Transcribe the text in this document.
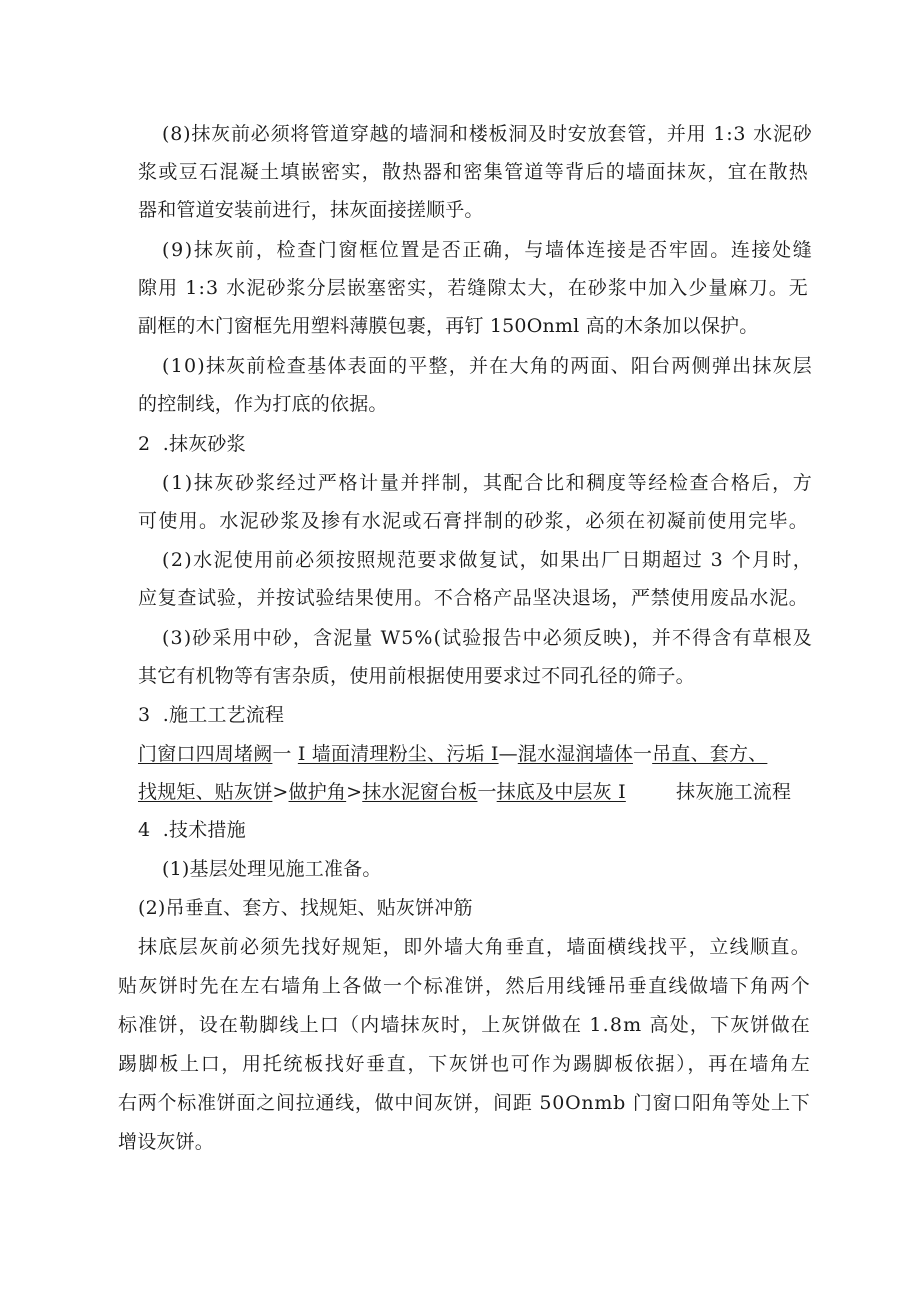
(8)抹灰前必须将管道穿越的墙洞和楼板洞及时安放套管，并用 1:3 水泥砂
浆或豆石混凝土填嵌密实，散热器和密集管道等背后的墙面抹灰，宜在散热
器和管道安装前进行，抹灰面接搓顺乎。
(9)抹灰前，检查门窗框位置是否正确，与墙体连接是否牢固。连接处缝
隙用 1:3 水泥砂浆分层嵌塞密实，若缝隙太大，在砂浆中加入少量麻刀。无
副框的木门窗框先用塑料薄膜包裹，再钉 150Onml 高的木条加以保护。
(10)抹灰前检查基体表面的平整，并在大角的两面、阳台两侧弹出抹灰层
的控制线，作为打底的依据。
2  .抹灰砂浆
(1)抹灰砂浆经过严格计量并拌制，其配合比和稠度等经检查合格后，方
可使用。水泥砂浆及掺有水泥或石膏拌制的砂浆，必须在初凝前使用完毕。
(2)水泥使用前必须按照规范要求做复试，如果出厂日期超过 3 个月时，
应复查试验，并按试验结果使用。不合格产品坚决退场，严禁使用废品水泥。
(3)砂采用中砂，含泥量 W5%(试验报告中必须反映)，并不得含有草根及
其它有机物等有害杂质，使用前根据使用要求过不同孔径的筛子。
3  .施工工艺流程
门窗口四周堵阙一 I 墙面清理粉尘、污垢 I—混水湿润墙体一吊直、套方、
找规矩、贴灰饼>做护角>抹水泥窗台板一抹底及中层灰 I	抹灰施工流程
4  .技术措施
(1)基层处理见施工准备。
(2)吊垂直、套方、找规矩、贴灰饼冲筋
抹底层灰前必须先找好规矩，即外墙大角垂直，墙面横线找平，立线顺直。
贴灰饼时先在左右墙角上各做一个标准饼，然后用线锤吊垂直线做墙下角两个
标准饼，设在勒脚线上口（内墙抹灰时，上灰饼做在 1.8m 高处，下灰饼做在
踢脚板上口，用托统板找好垂直，下灰饼也可作为踢脚板依据），再在墙角左
右两个标准饼面之间拉通线，做中间灰饼，间距 50Onmb 门窗口阳角等处上下
增设灰饼。
